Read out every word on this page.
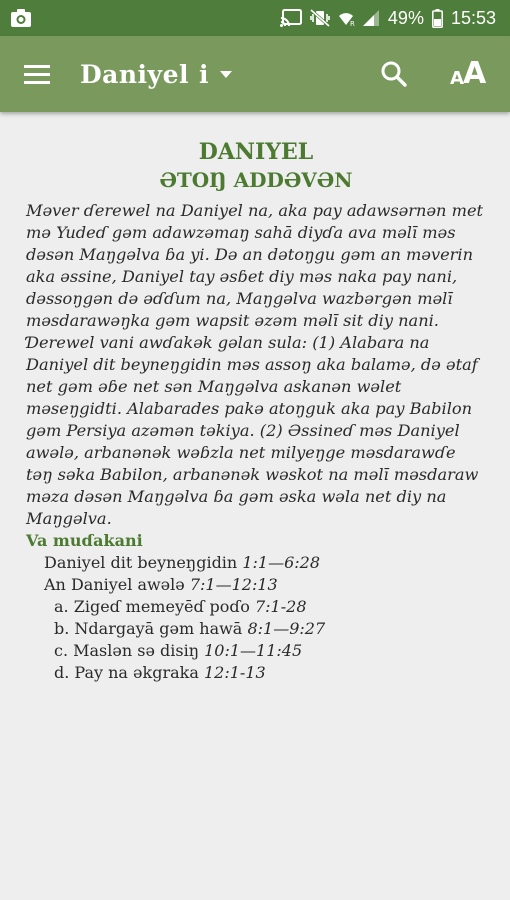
R 49% 15:53
Daniyel i	A A
DANIYEL
ƏTOŊ ADDƏVƏN

Məver ɗerewel na Daniyel na, aka pay adawsərnən met mə Yudeɗ gəm adawzəmaŋ sahā diyɗa ava məlī məs dəsən Maŋgəlva ɓa yi. Də an dətoŋgu gəm an məverin aka əssine, Daniyel tay əsɓet diy məs naka pay nani, dəssoŋgən də əɗɗum na, Maŋgəlva wazbərgən məlī məsdarawəŋka gəm wapsit əzəm məlī sit diy nani. Ɗerewel vani awɗakək gəlan sula: (1) Alabara na Daniyel dit beyneŋgidin məs assoŋ aka balamə, də ətaf net gəm əɓe net sən Maŋgəlva askanən wəlet məseŋgidti. Alabarades pakə atoŋguk aka pay Babilon gəm Persiya azəmən təkiya. (2) Əssineɗ məs Daniyel awələ, arbanənək wəɓzla net milyeŋge məsdarawɗe təŋ səka Babilon, arbanənək wəskot na məlī məsdaraw məza dəsən Maŋgəlva ɓa gəm əska wəla net diy na Maŋgəlva.

Va muɗakani
Daniyel dit beyneŋgidin 1:1—6:28
An Daniyel awələ 7:1—12:13
a. Zigeɗ memeyēɗ poɗo 7:1-28
b. Ndargayā gəm hawā 8:1—9:27
c. Maslən sə disiŋ 10:1—11:45
d. Pay na əkgraka 12:1-13
